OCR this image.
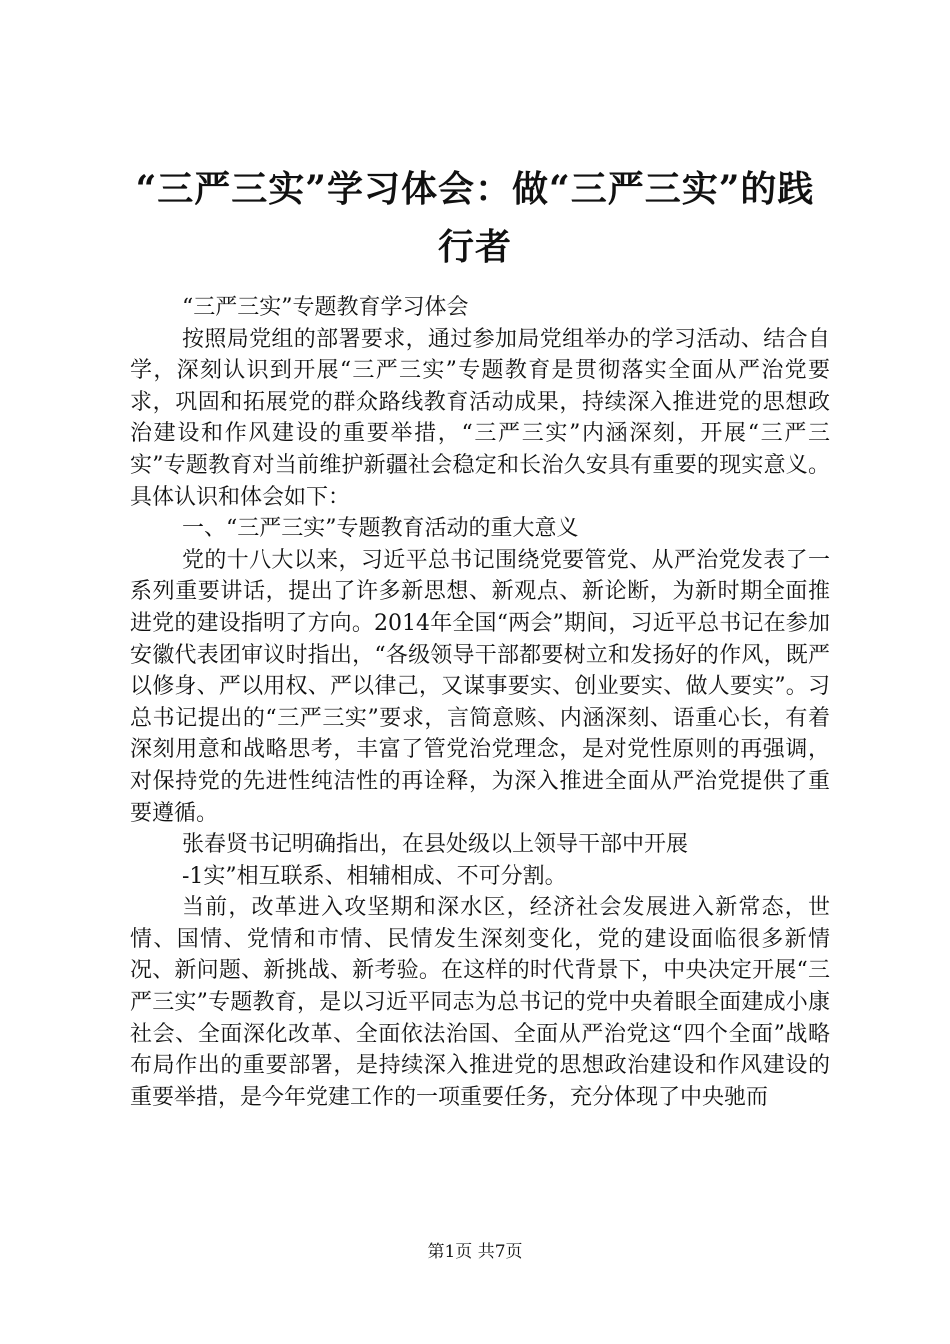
“三严三实”学习体会：做“三严三实”的践
行者

“三严三实”专题教育学习体会

按照局党组的部署要求，通过参加局党组举办的学习活动、结合自学，深刻认识到开展“三严三实”专题教育是贯彻落实全面从严治党要求，巩固和拓展党的群众路线教育活动成果，持续深入推进党的思想政治建设和作风建设的重要举措，“三严三实”内涵深刻，开展“三严三实”专题教育对当前维护新疆社会稳定和长治久安具有重要的现实意义。具体认识和体会如下：

一、“三严三实”专题教育活动的重大意义

党的十八大以来，习近平总书记围绕党要管党、从严治党发表了一系列重要讲话，提出了许多新思想、新观点、新论断，为新时期全面推进党的建设指明了方向。2014年全国“两会”期间，习近平总书记在参加安徽代表团审议时指出，“各级领导干部都要树立和发扬好的作风，既严以修身、严以用权、严以律己，又谋事要实、创业要实、做人要实”。习总书记提出的“三严三实”要求，言简意赅、内涵深刻、语重心长，有着深刻用意和战略思考，丰富了管党治党理念，是对党性原则的再强调，对保持党的先进性纯洁性的再诠释，为深入推进全面从严治党提供了重要遵循。

张春贤书记明确指出，在县处级以上领导干部中开展

-1实”相互联系、相辅相成、不可分割。

当前，改革进入攻坚期和深水区，经济社会发展进入新常态，世情、国情、党情和市情、民情发生深刻变化，党的建设面临很多新情况、新问题、新挑战、新考验。在这样的时代背景下，中央决定开展“三严三实”专题教育，是以习近平同志为总书记的党中央着眼全面建成小康社会、全面深化改革、全面依法治国、全面从严治党这“四个全面”战略布局作出的重要部署，是持续深入推进党的思想政治建设和作风建设的重要举措，是今年党建工作的一项重要任务，充分体现了中央驰而

第1页 共7页
